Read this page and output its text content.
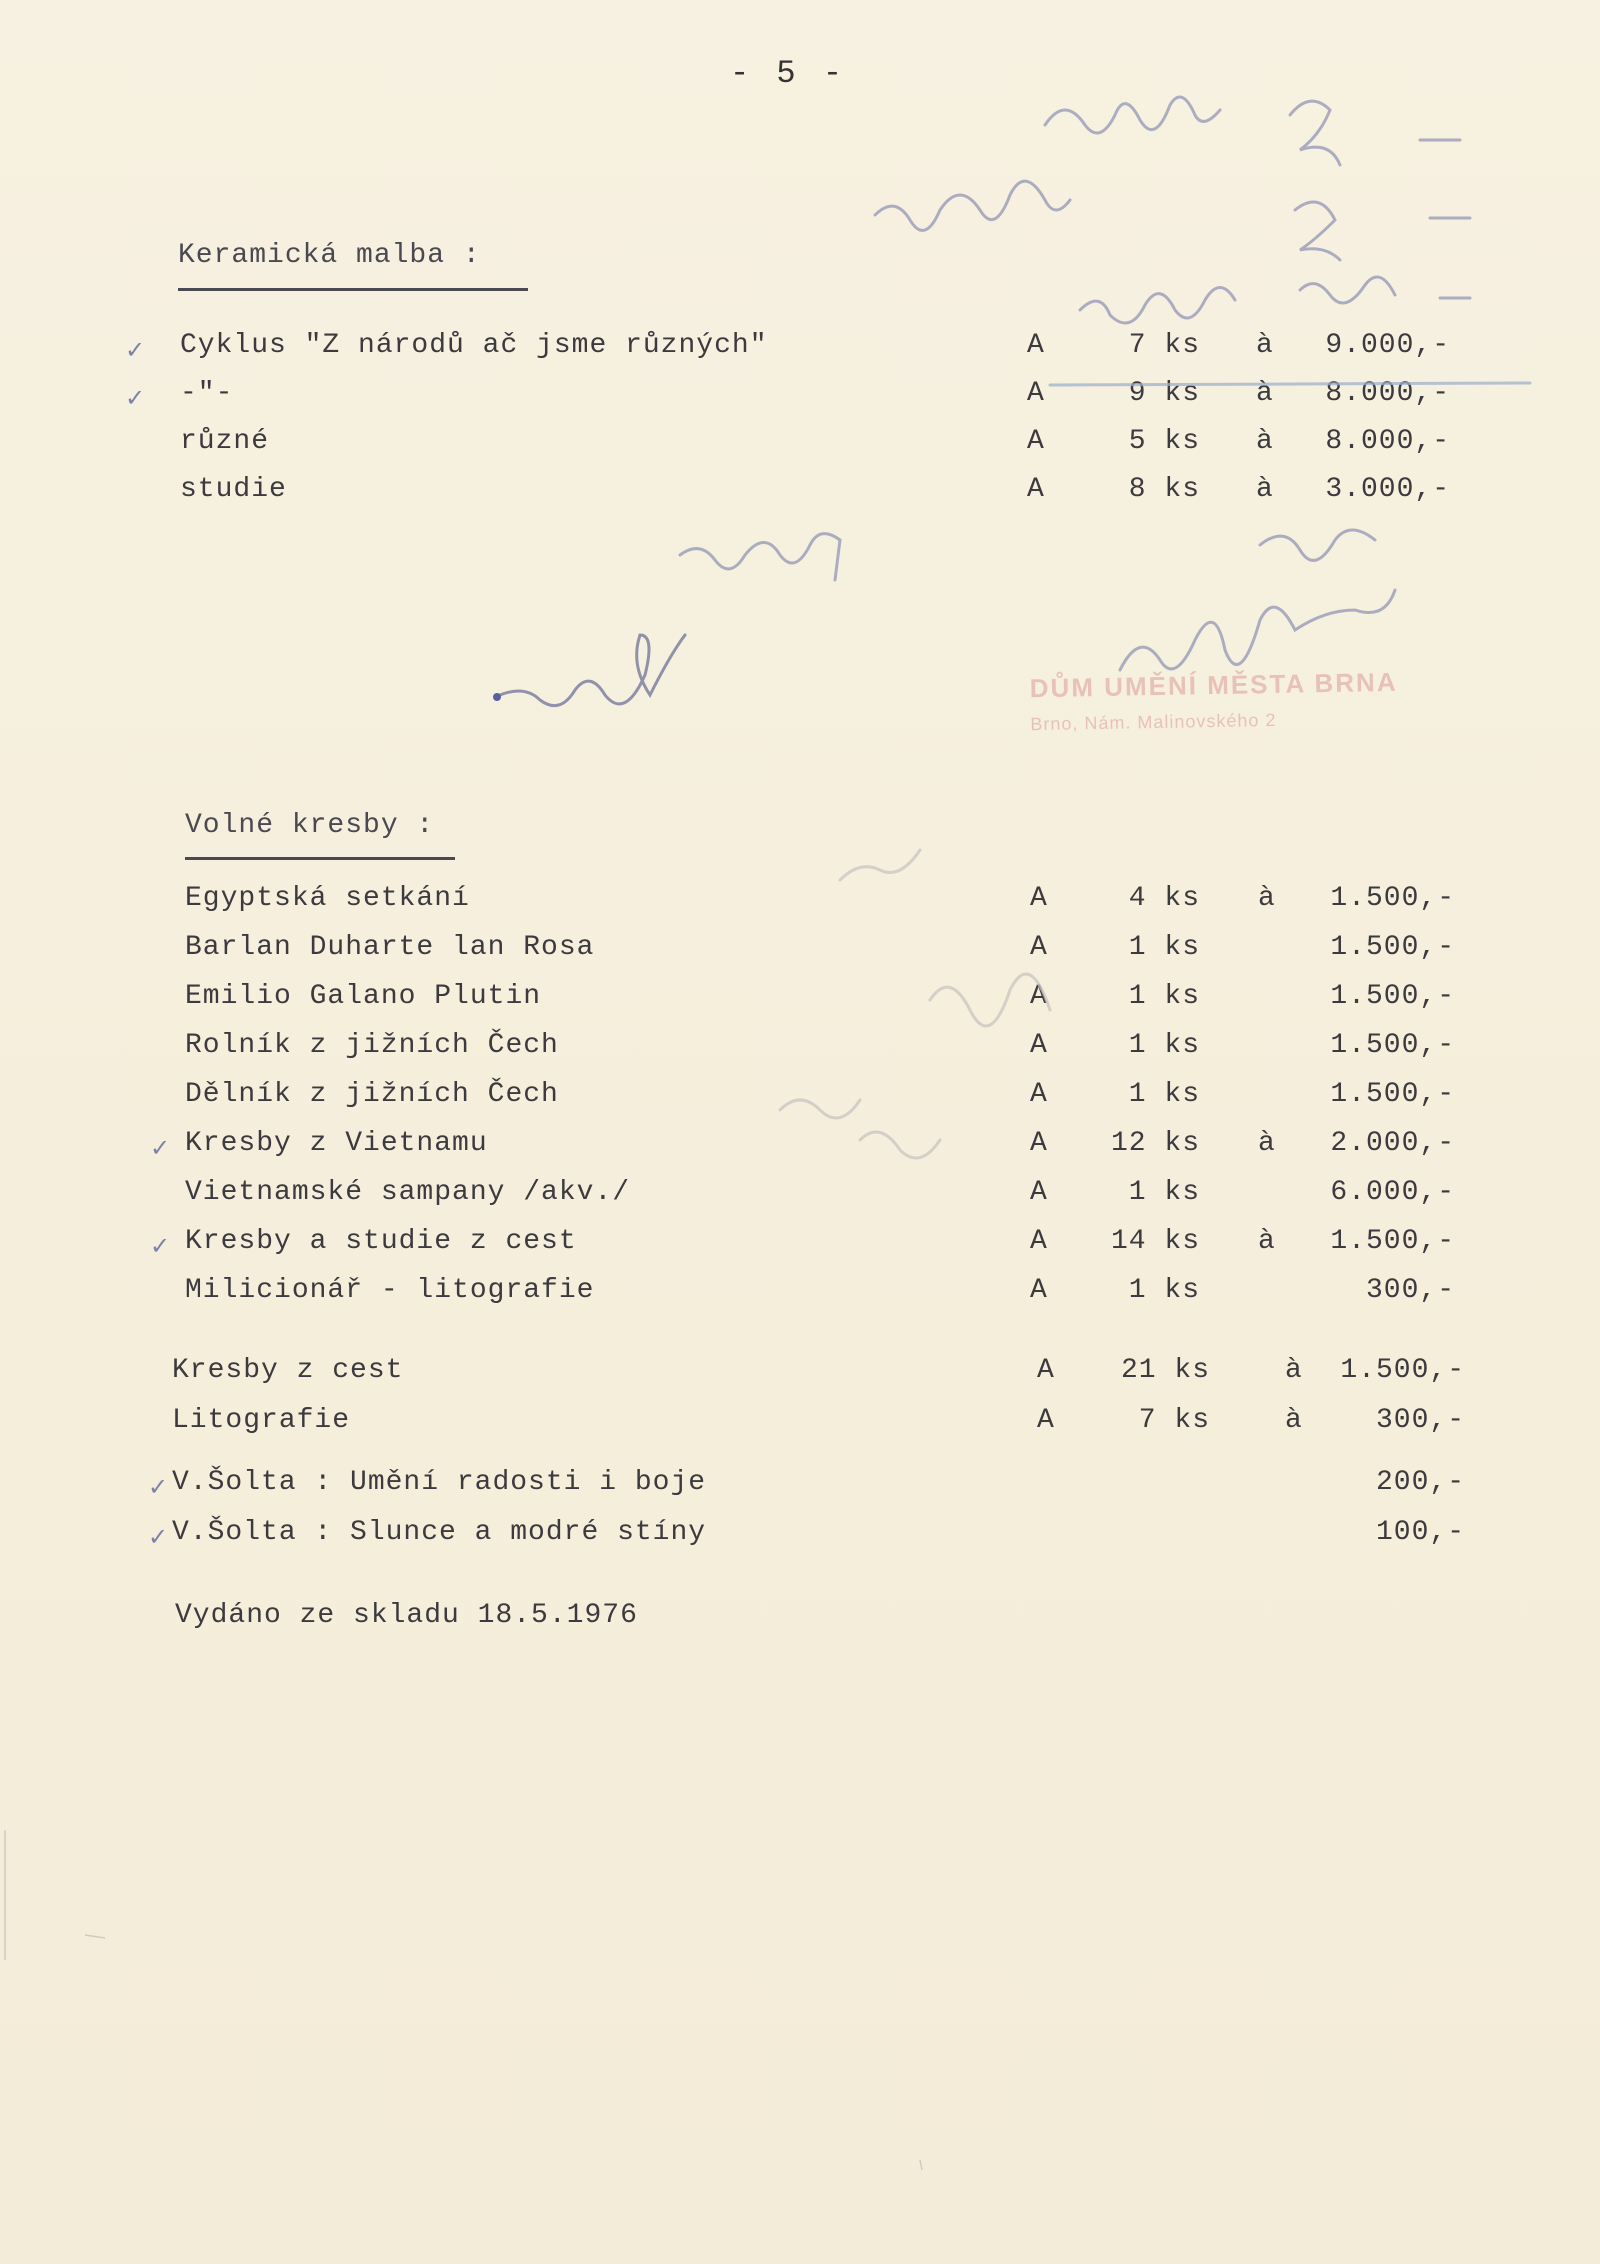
- 5 -
Keramická malba :
✓ Cyklus "Z národů ač jsme různých"	A	7 ks à	9.000,-
✓ -"-	A	9 ks à	8.000,-
různé	A	5 ks à	8.000,-
studie	A	8 ks à	3.000,-
Volné kresby :
Egyptská setkání	A	4 ks à	1.500,-
Barlan Duharte lan Rosa	A	1 ks	1.500,-
Emilio Galano Plutin	A	1 ks	1.500,-
Rolník z jižních Čech	A	1 ks	1.500,-
Dělník z jižních Čech	A	1 ks	1.500,-
✓ Kresby z Vietnamu	A	12 ks à	2.000,-
Vietnamské sampany /akv./	A	1 ks	6.000,-
✓ Kresby a studie z cest	A	14 ks à	1.500,-
Milicionář - litografie	A	1 ks	300,-
Kresby z cest	A	21 ks	à	1.500,-
Litografie	A	7 ks	à	300,-
✓ V.Šolta : Umění radosti i boje	200,-
✓ V.Šolta : Slunce a modré stíny	100,-
Vydáno ze skladu 18.5.1976
DŮM UMĚNÍ MĚSTA BRNA
Brno, Nám. Malinovského 2
